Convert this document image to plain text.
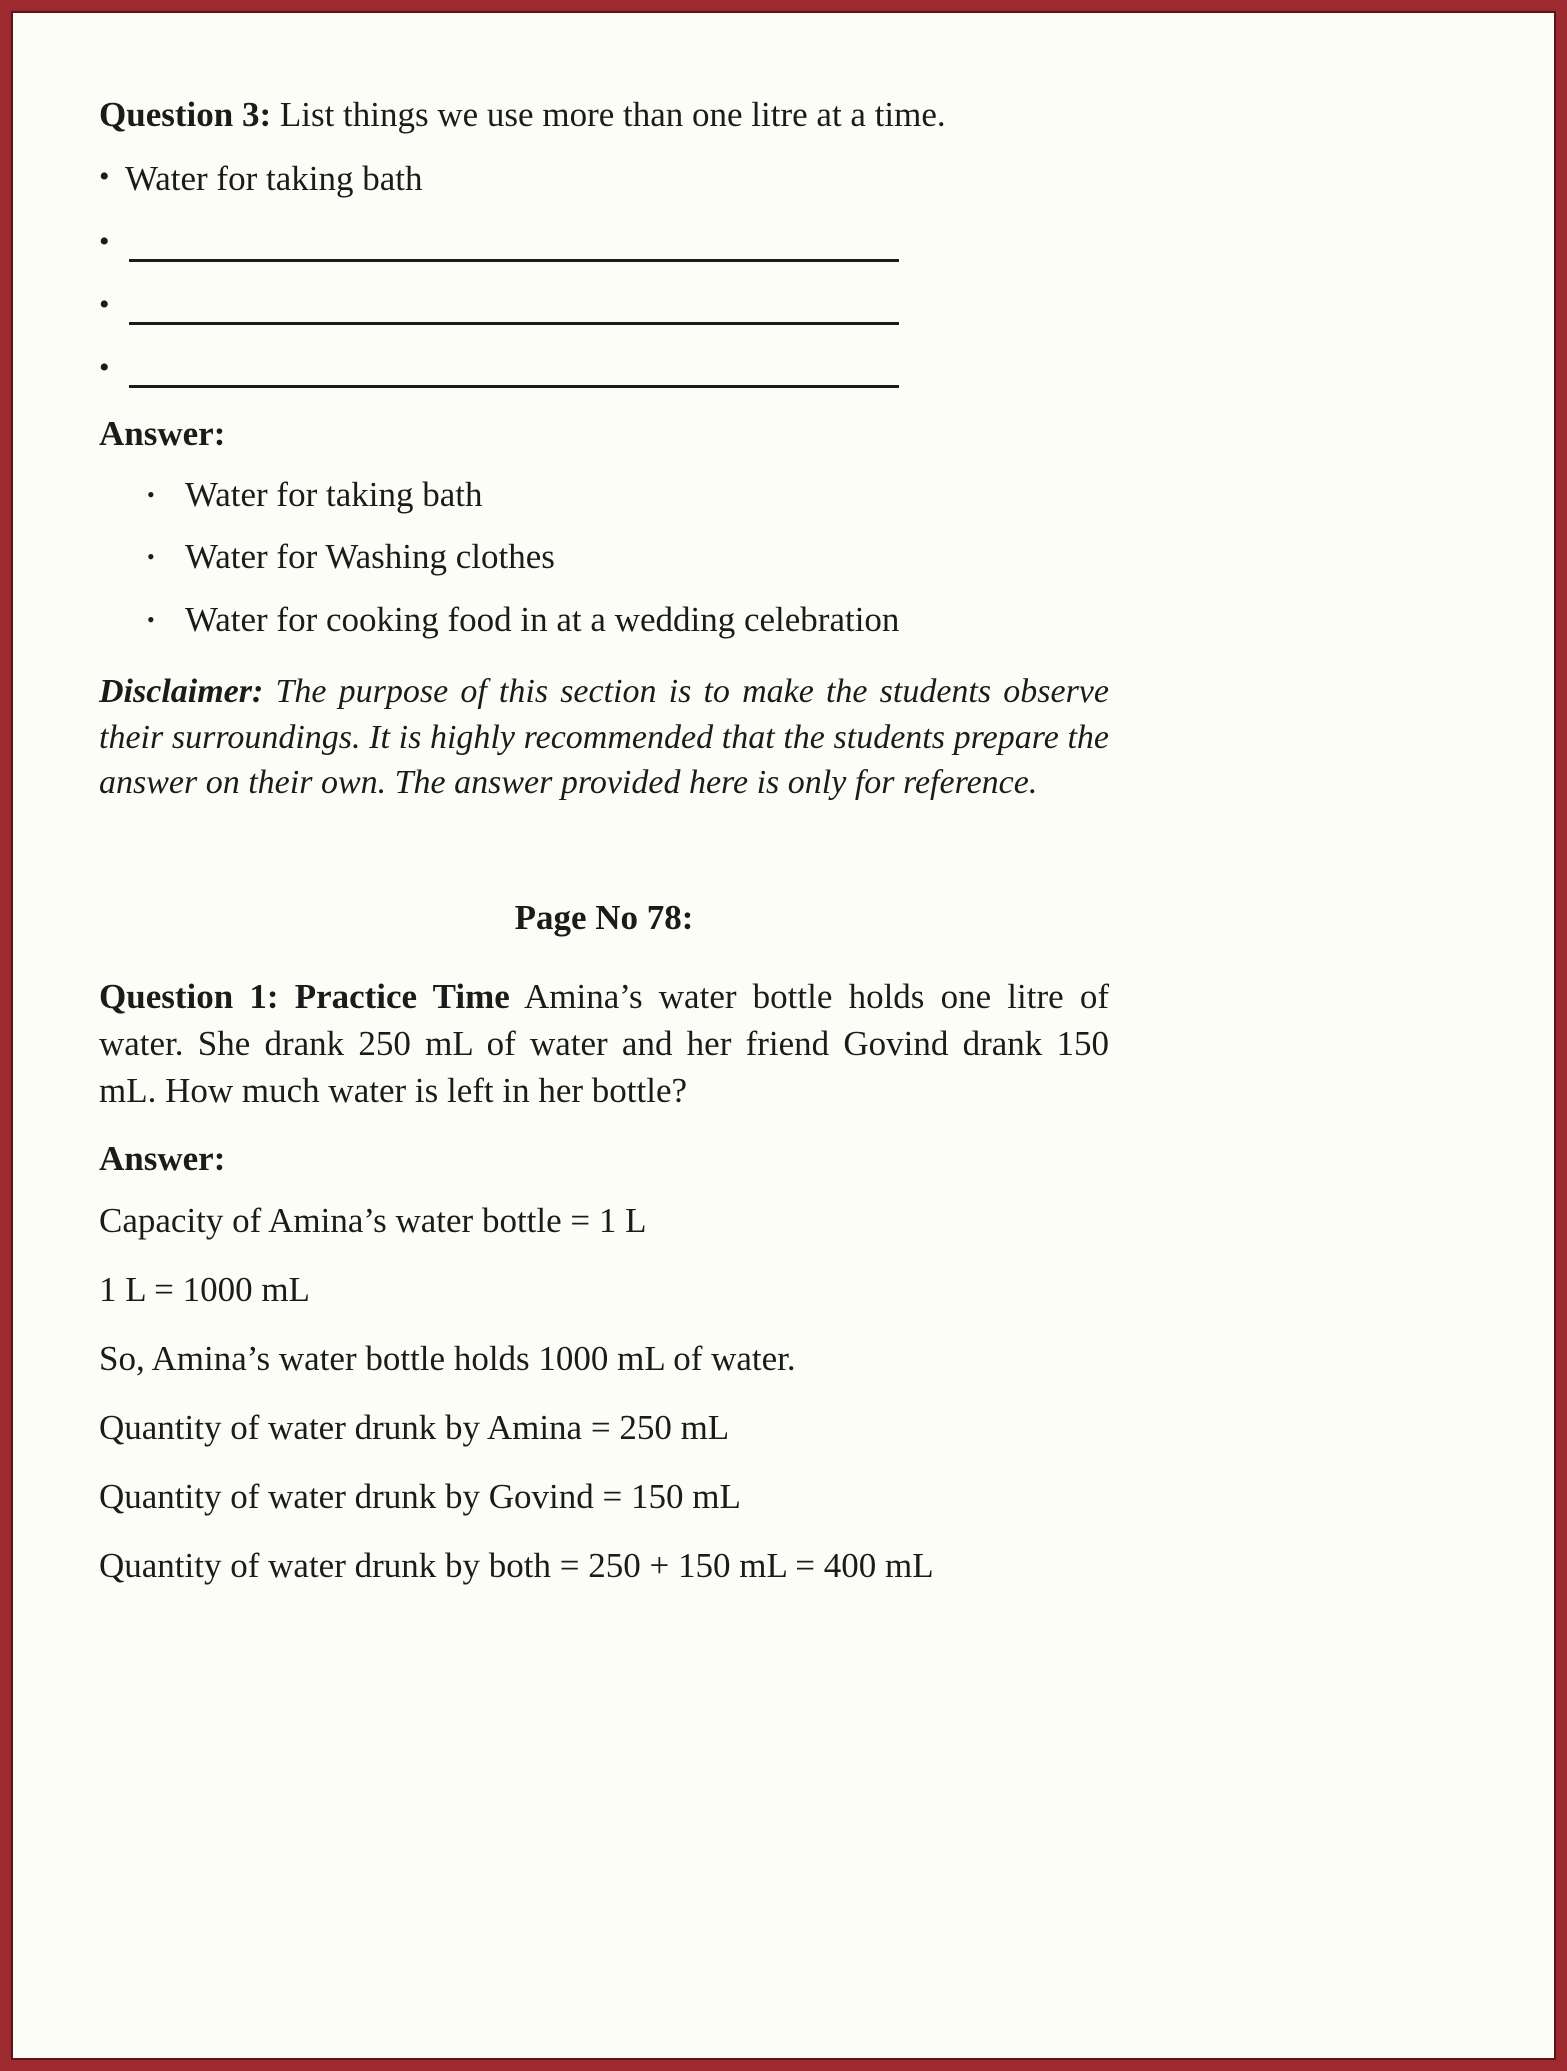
Question 3: List things we use more than one litre at a time.

• Water for taking bath
•
•
•
Answer:
• Water for taking bath
• Water for Washing clothes
• Water for cooking food in at a wedding celebration

Disclaimer: The purpose of this section is to make the students observe their surroundings. It is highly recommended that the students prepare the answer on their own. The answer provided here is only for reference.

Page No 78:

Question 1: Practice Time Amina’s water bottle holds one litre of water. She drank 250 mL of water and her friend Govind drank 150 mL. How much water is left in her bottle?

Answer:

Capacity of Amina’s water bottle = 1 L

1 L = 1000 mL

So, Amina’s water bottle holds 1000 mL of water.

Quantity of water drunk by Amina = 250 mL

Quantity of water drunk by Govind = 150 mL

Quantity of water drunk by both = 250 + 150 mL = 400 mL
